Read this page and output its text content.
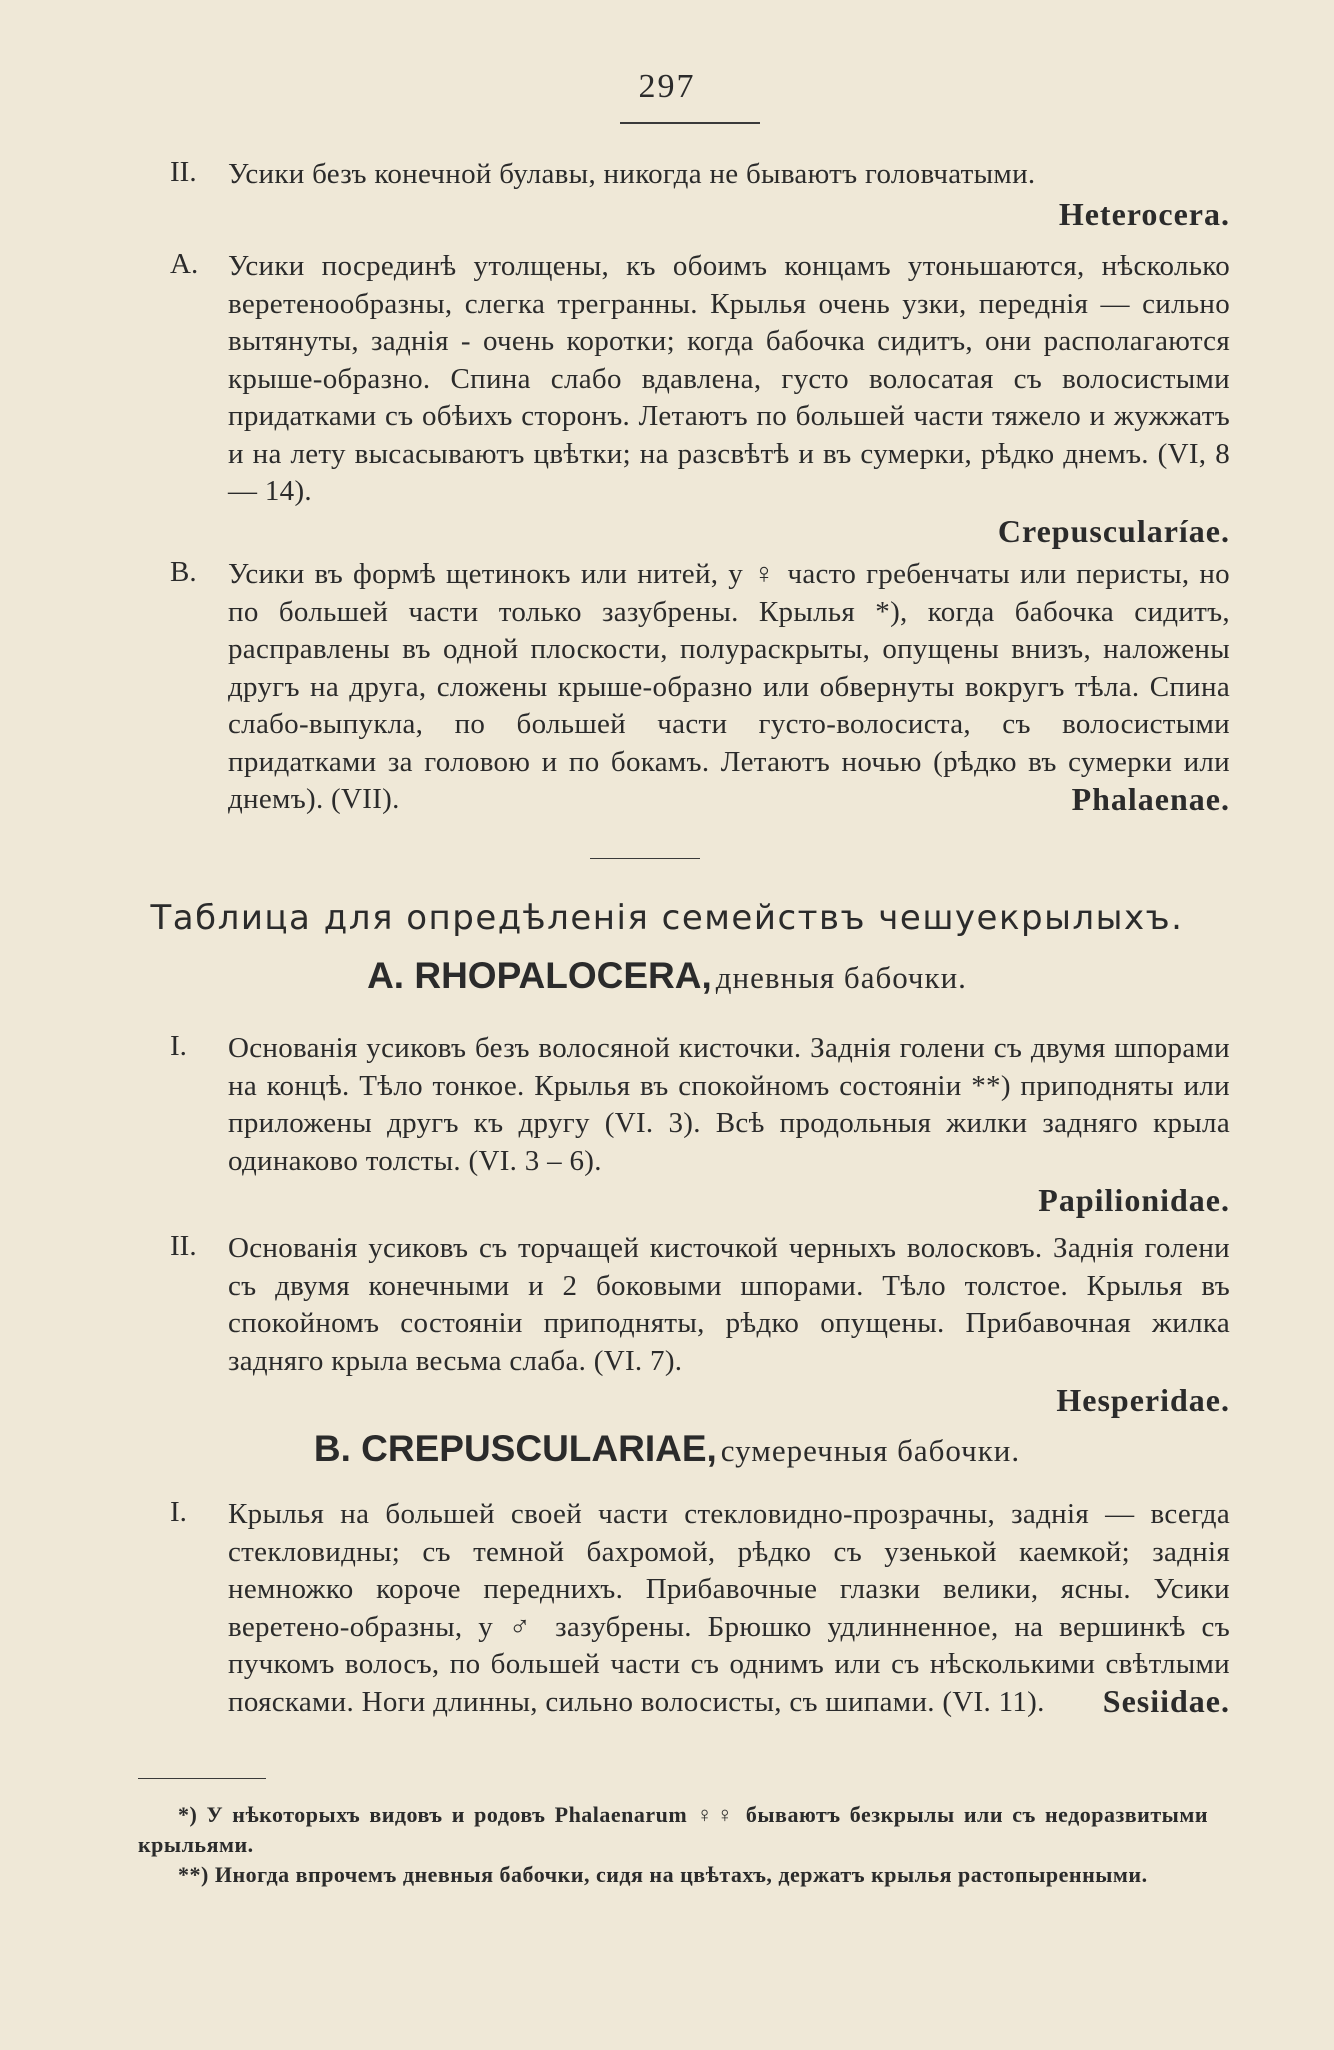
297
II. Усики безъ конечной булавы, никогда не бываютъ головчатыми.
Heterocera.
A. Усики посрединѣ утолщены, къ обоимъ концамъ утоньшаются, нѣсколько веретенообразны, слегка трегранны. Крылья очень узки, переднія — сильно вытянуты, заднія - очень коротки; когда бабочка сидитъ, они располагаются крыше-образно. Спина слабо вдавлена, густо волосатая съ волосистыми придатками съ обѣихъ сторонъ. Летаютъ по большей части тяжело и жужжатъ и на лету высасываютъ цвѣтки; на разсвѣтѣ и въ сумерки, рѣдко днемъ. (VI, 8 — 14).
Crepuscularíae.
B. Усики въ формѣ щетинокъ или нитей, у ♀ часто гребенчаты или перисты, но по большей части только зазубрены. Крылья *), когда бабочка сидитъ, расправлены въ одной плоскости, полураскрыты, опущены внизъ, наложены другъ на друга, сложены крыше-образно или обвернуты вокругъ тѣла. Спина слабо-выпукла, по большей части густо-волосиста, съ волосистыми придатками за головою и по бокамъ. Летаютъ ночью (рѣдко въ сумерки или днемъ). (VII).	Phalaenae.
Таблица для опредѣленія семействъ чешуекрылыхъ.
A. RHOPALOCERA, дневныя бабочки.
I. Основанія усиковъ безъ волосяной кисточки. Заднія голени съ двумя шпорами на концѣ. Тѣло тонкое. Крылья въ спокойномъ состояніи **) приподняты или приложены другъ къ другу (VI. 3). Всѣ продольныя жилки задняго крыла одинаково толсты. (VI. 3 – 6).
Papilionidae.
II. Основанія усиковъ съ торчащей кисточкой черныхъ волосковъ. Заднія голени съ двумя конечными и 2 боковыми шпорами. Тѣло толстое. Крылья въ спокойномъ состояніи приподняты, рѣдко опущены. Прибавочная жилка задняго крыла весьма слаба. (VI. 7).
Hesperidae.
B. CREPUSCULARIAE, сумеречныя бабочки.
I. Крылья на большей своей части стекловидно-прозрачны, заднія — всегда стекловидны; съ темной бахромой, рѣдко съ узенькой каемкой; заднія немножко короче переднихъ. Прибавочные глазки велики, ясны. Усики веретено-образны, у ♂ зазубрены. Брюшко удлинненное, на вершинкѣ съ пучкомъ волосъ, по большей части съ однимъ или съ нѣсколькими свѣтлыми поясками. Ноги длинны, сильно волосисты, съ шипами. (VI. 11).	Sesiidae.
*) У нѣкоторыхъ видовъ и родовъ Phalaenarum ♀♀ бываютъ безкрылы или съ недоразвитыми крыльями.
**) Иногда впрочемъ дневныя бабочки, сидя на цвѣтахъ, держатъ крылья растопыренными.
